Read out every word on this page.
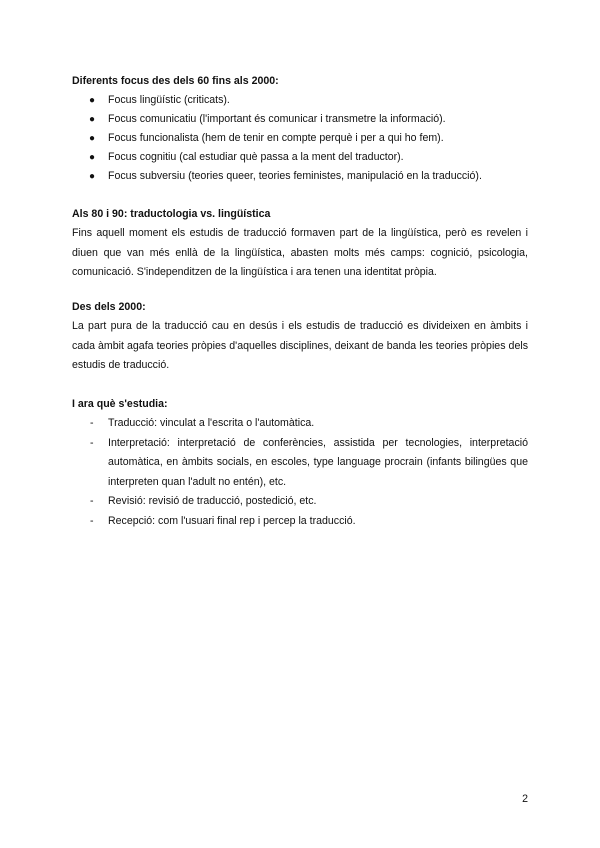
Diferents focus des dels 60 fins als 2000:

● Focus lingüístic (criticats).
● Focus comunicatiu (l'important és comunicar i transmetre la informació).
● Focus funcionalista (hem de tenir en compte perquè i per a qui ho fem).
● Focus cognitiu (cal estudiar què passa a la ment del traductor).
● Focus subversiu (teories queer, teories feministes, manipulació en la traducció).

Als 80 i 90: traductologia vs. lingüística

Fins aquell moment els estudis de traducció formaven part de la lingüística, però es revelen i diuen que van més enllà de la lingüística, abasten molts més camps: cognició, psicologia, comunicació. S'independitzen de la lingüística i ara tenen una identitat pròpia.

Des dels 2000:

La part pura de la traducció cau en desús i els estudis de traducció es divideixen en àmbits i cada àmbit agafa teories pròpies d'aquelles disciplines, deixant de banda les teories pròpies dels estudis de traducció.

I ara què s'estudia:

- Traducció: vinculat a l'escrita o l'automàtica.
- Interpretació: interpretació de conferències, assistida per tecnologies, interpretació automàtica, en àmbits socials, en escoles, type language procrain (infants bilingües que interpreten quan l'adult no entén), etc.
- Revisió: revisió de traducció, postedició, etc.
- Recepció: com l'usuari final rep i percep la traducció.
2
